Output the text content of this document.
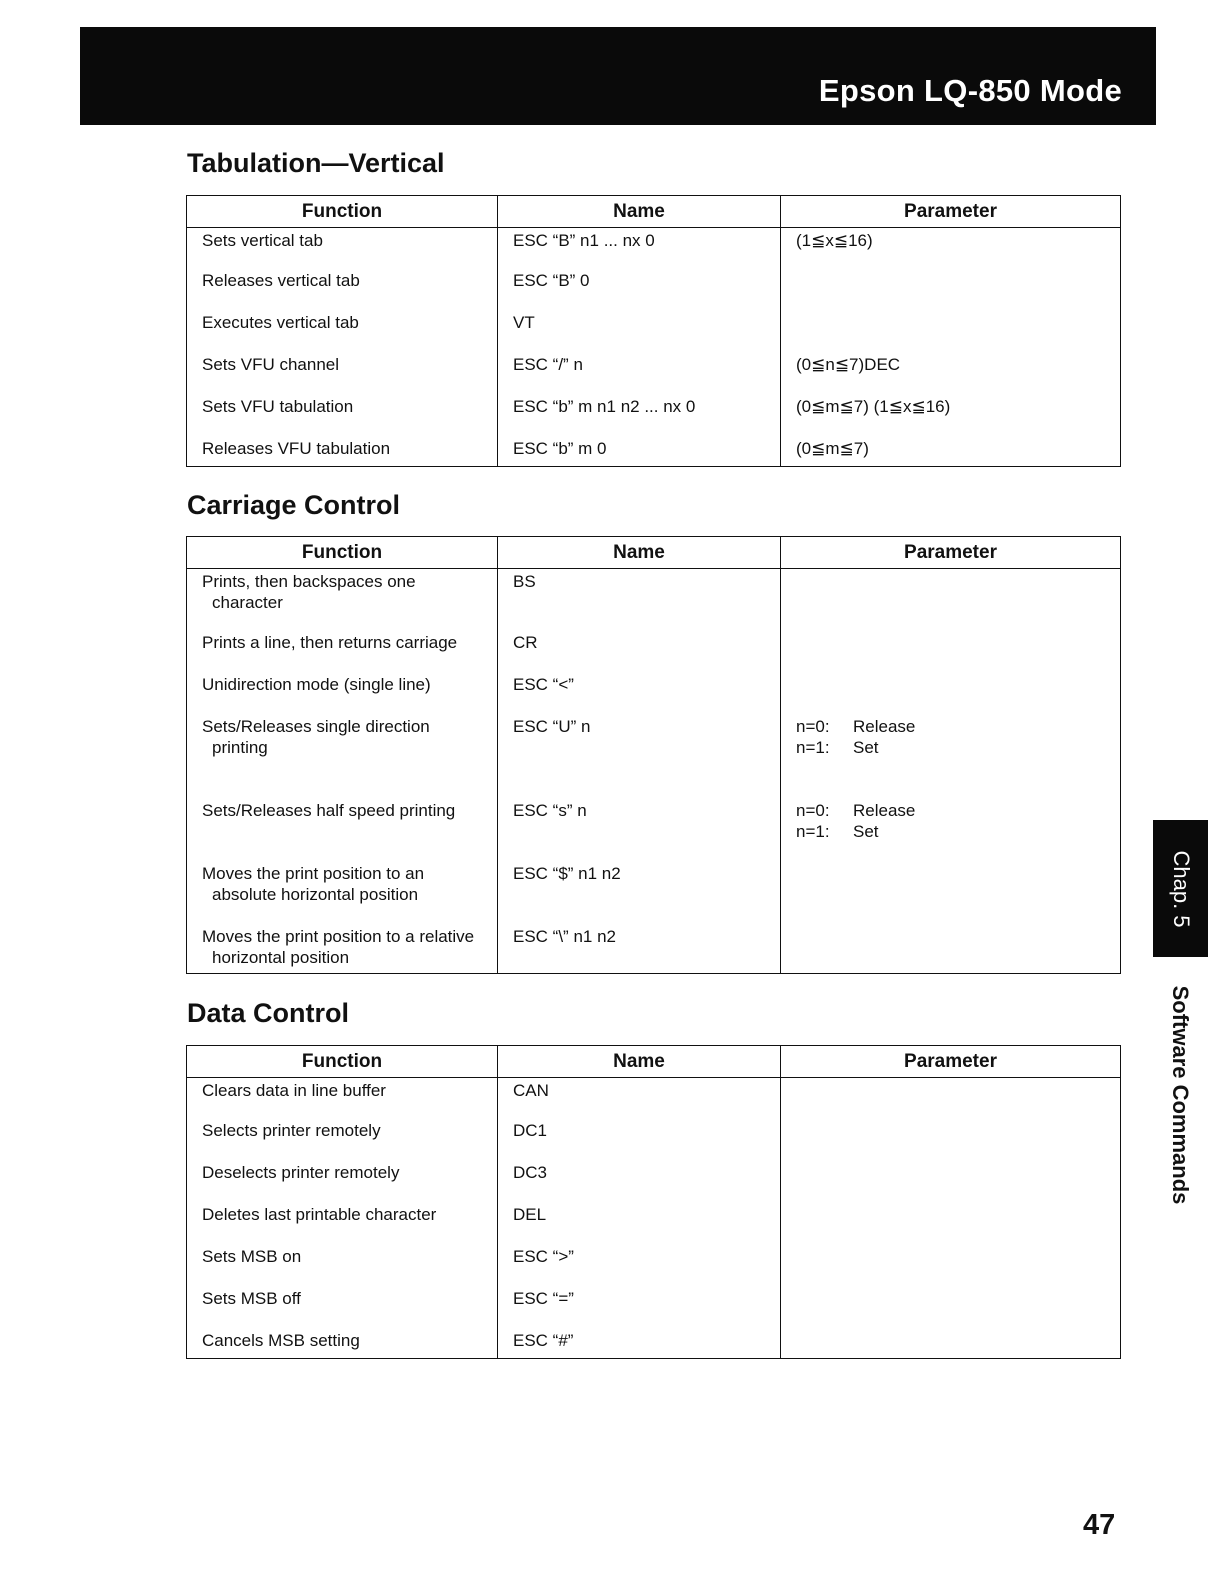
Epson LQ-850 Mode
Tabulation—Vertical
Function	Name	Parameter
Sets vertical tab	ESC “B” n1 ... nx 0	(1≦x≦16)
Releases vertical tab	ESC “B” 0	
Executes vertical tab	VT	
Sets VFU channel	ESC “/” n	(0≦n≦7)DEC
Sets VFU tabulation	ESC “b” m n1 n2 ... nx 0	(0≦m≦7) (1≦x≦16)
Releases VFU tabulation	ESC “b” m 0	(0≦m≦7)
Carriage Control
Function	Name	Parameter

Prints, then backspaces one character	BS	

Prints a line, then returns carriage	CR	

Unidirection mode (single line)	ESC “<”	

Sets/Releases single direction printing	ESC “U” n	n=0: Release
n=1: Set

Sets/Releases half speed printing	ESC “s” n	n=0: Release
n=1: Set

Moves the print position to an absolute horizontal position	ESC “$” n1 n2	

Moves the print position to a relative horizontal position	ESC “\” n1 n2	
Data Control
Function	Name	Parameter
Clears data in line buffer	CAN	
Selects printer remotely	DC1	
Deselects printer remotely	DC3	
Deletes last printable character	DEL	
Sets MSB on	ESC “>”	
Sets MSB off	ESC “=”	
Cancels MSB setting	ESC “#”	
Chap. 5
Software Commands
47
